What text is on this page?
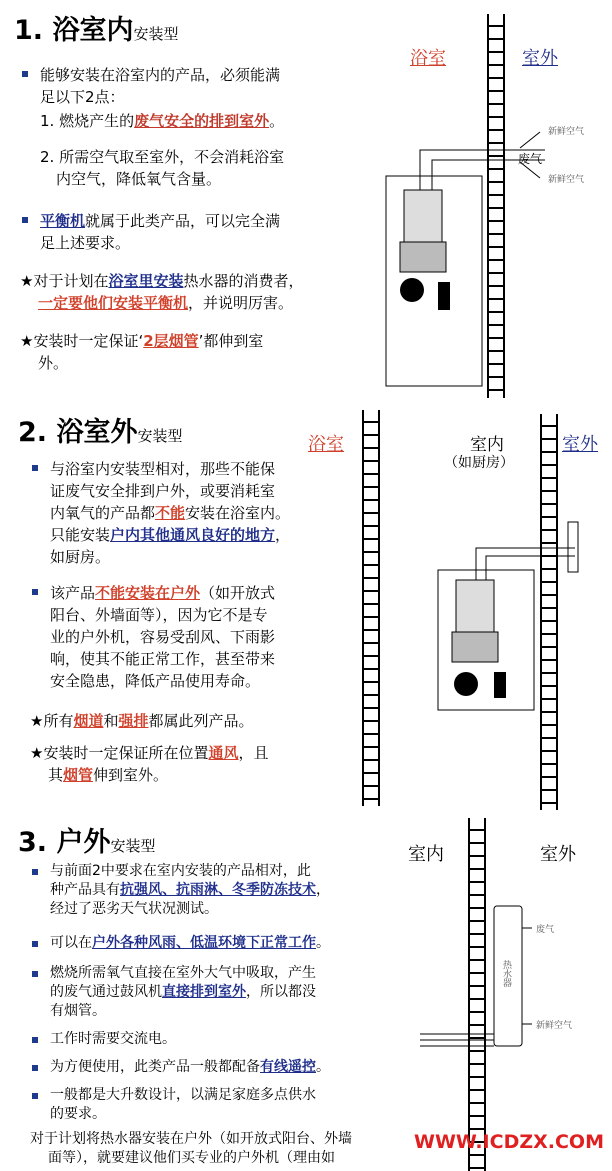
1. 浴室内安装型
能够安装在浴室内的产品，必须能满
足以下2点：
1. 燃烧产生的废气安全的排到室外。
2. 所需空气取至室外，不会消耗浴室
内空气，降低氧气含量。
平衡机就属于此类产品，可以完全满
足上述要求。
★对于计划在浴室里安装热水器的消费者，
一定要他们安装平衡机，并说明厉害。
★安装时一定保证‘2层烟管’都伸到室
外。
浴室	室外
新鲜空气
废气
新鲜空气
2. 浴室外安装型
与浴室内安装型相对，那些不能保
证废气安全排到户外，或要消耗室
内氧气的产品都不能安装在浴室内。
只能安装户内其他通风良好的地方，
如厨房。
该产品不能安装在户外（如开放式
阳台、外墙面等），因为它不是专
业的户外机，容易受刮风、下雨影
响，使其不能正常工作，甚至带来
安全隐患，降低产品使用寿命。
★所有烟道和强排都属此列产品。
★安装时一定保证所在位置通风，且
其烟管伸到室外。
浴室	室内
（如厨房）
室外
3. 户外安装型
与前面2中要求在室内安装的产品相对，此
种产品具有抗强风、抗雨淋、冬季防冻技术，
经过了恶劣天气状况测试。
可以在户外各种风雨、低温环境下正常工作。
燃烧所需氧气直接在室外大气中吸取，产生
的废气通过鼓风机直接排到室外，所以都没
有烟管。
工作时需要交流电。
为方便使用，此类产品一般都配备有线遥控。
一般都是大升数设计，以满足家庭多点供水
的要求。
对于计划将热水器安装在户外（如开放式阳台、外墙
面等），就要建议他们买专业的户外机（理由如
室内	室外
热水器
废气
新鲜空气
WWW.ICDZX.COM
